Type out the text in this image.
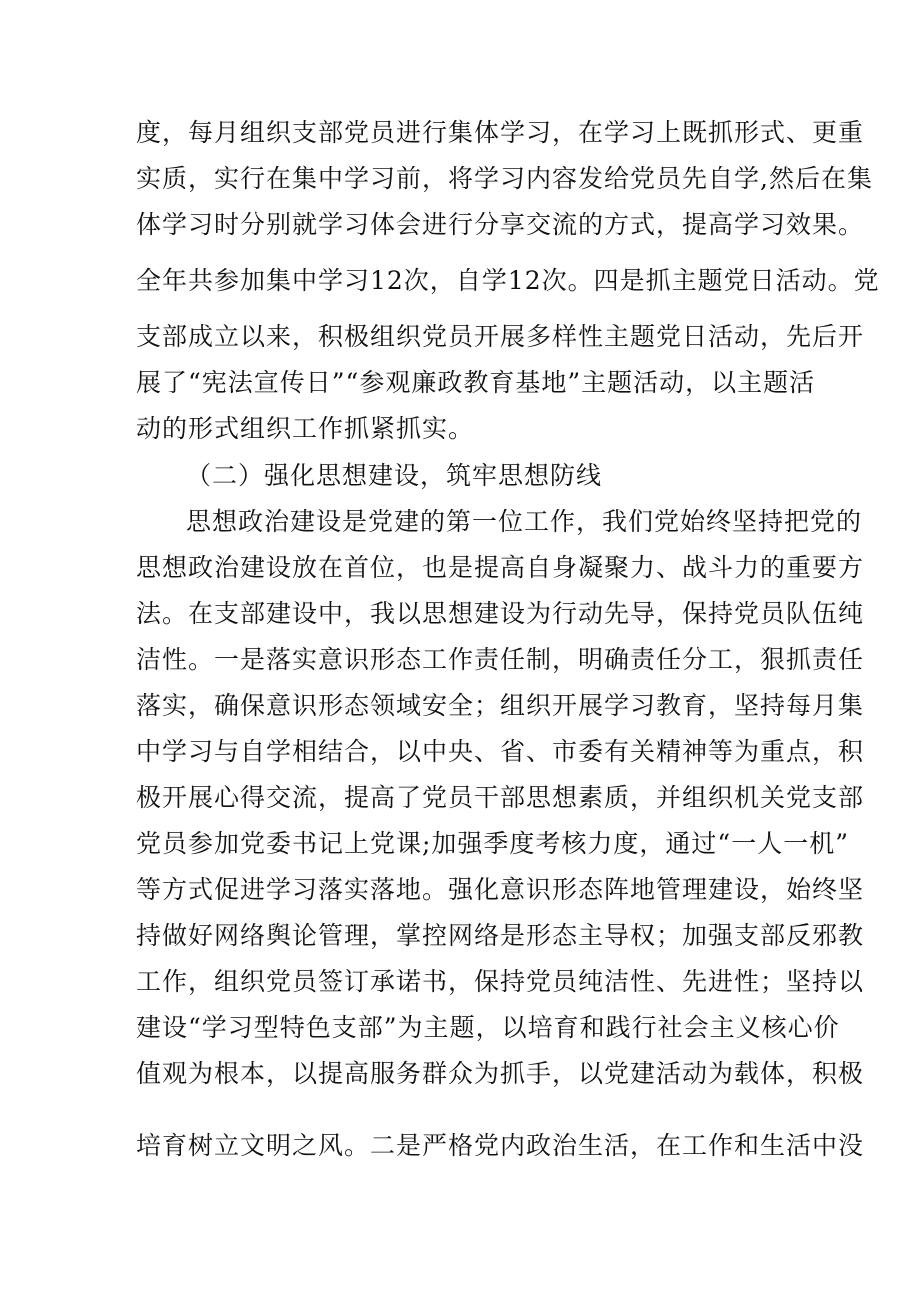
度，每月组织支部党员进行集体学习，在学习上既抓形式、更重
实质，实行在集中学习前，将学习内容发给党员先自学,然后在集
体学习时分别就学习体会进行分享交流的方式，提高学习效果。
全年共参加集中学习12次，自学12次。四是抓主题党日活动。党
支部成立以来，积极组织党员开展多样性主题党日活动，先后开
展了“宪法宣传日”“参观廉政教育基地”主题活动，以主题活
动的形式组织工作抓紧抓实。
（二）强化思想建设，筑牢思想防线
思想政治建设是党建的第一位工作，我们党始终坚持把党的
思想政治建设放在首位，也是提高自身凝聚力、战斗力的重要方
法。在支部建设中，我以思想建设为行动先导，保持党员队伍纯
洁性。一是落实意识形态工作责任制，明确责任分工，狠抓责任
落实，确保意识形态领域安全；组织开展学习教育，坚持每月集
中学习与自学相结合，以中央、省、市委有关精神等为重点，积
极开展心得交流，提高了党员干部思想素质，并组织机关党支部
党员参加党委书记上党课;加强季度考核力度，通过“一人一机”
等方式促进学习落实落地。强化意识形态阵地管理建设，始终坚
持做好网络舆论管理，掌控网络是形态主导权；加强支部反邪教
工作，组织党员签订承诺书，保持党员纯洁性、先进性；坚持以
建设“学习型特色支部”为主题，以培育和践行社会主义核心价
值观为根本，以提高服务群众为抓手，以党建活动为载体，积极
培育树立文明之风。二是严格党内政治生活，在工作和生活中没
